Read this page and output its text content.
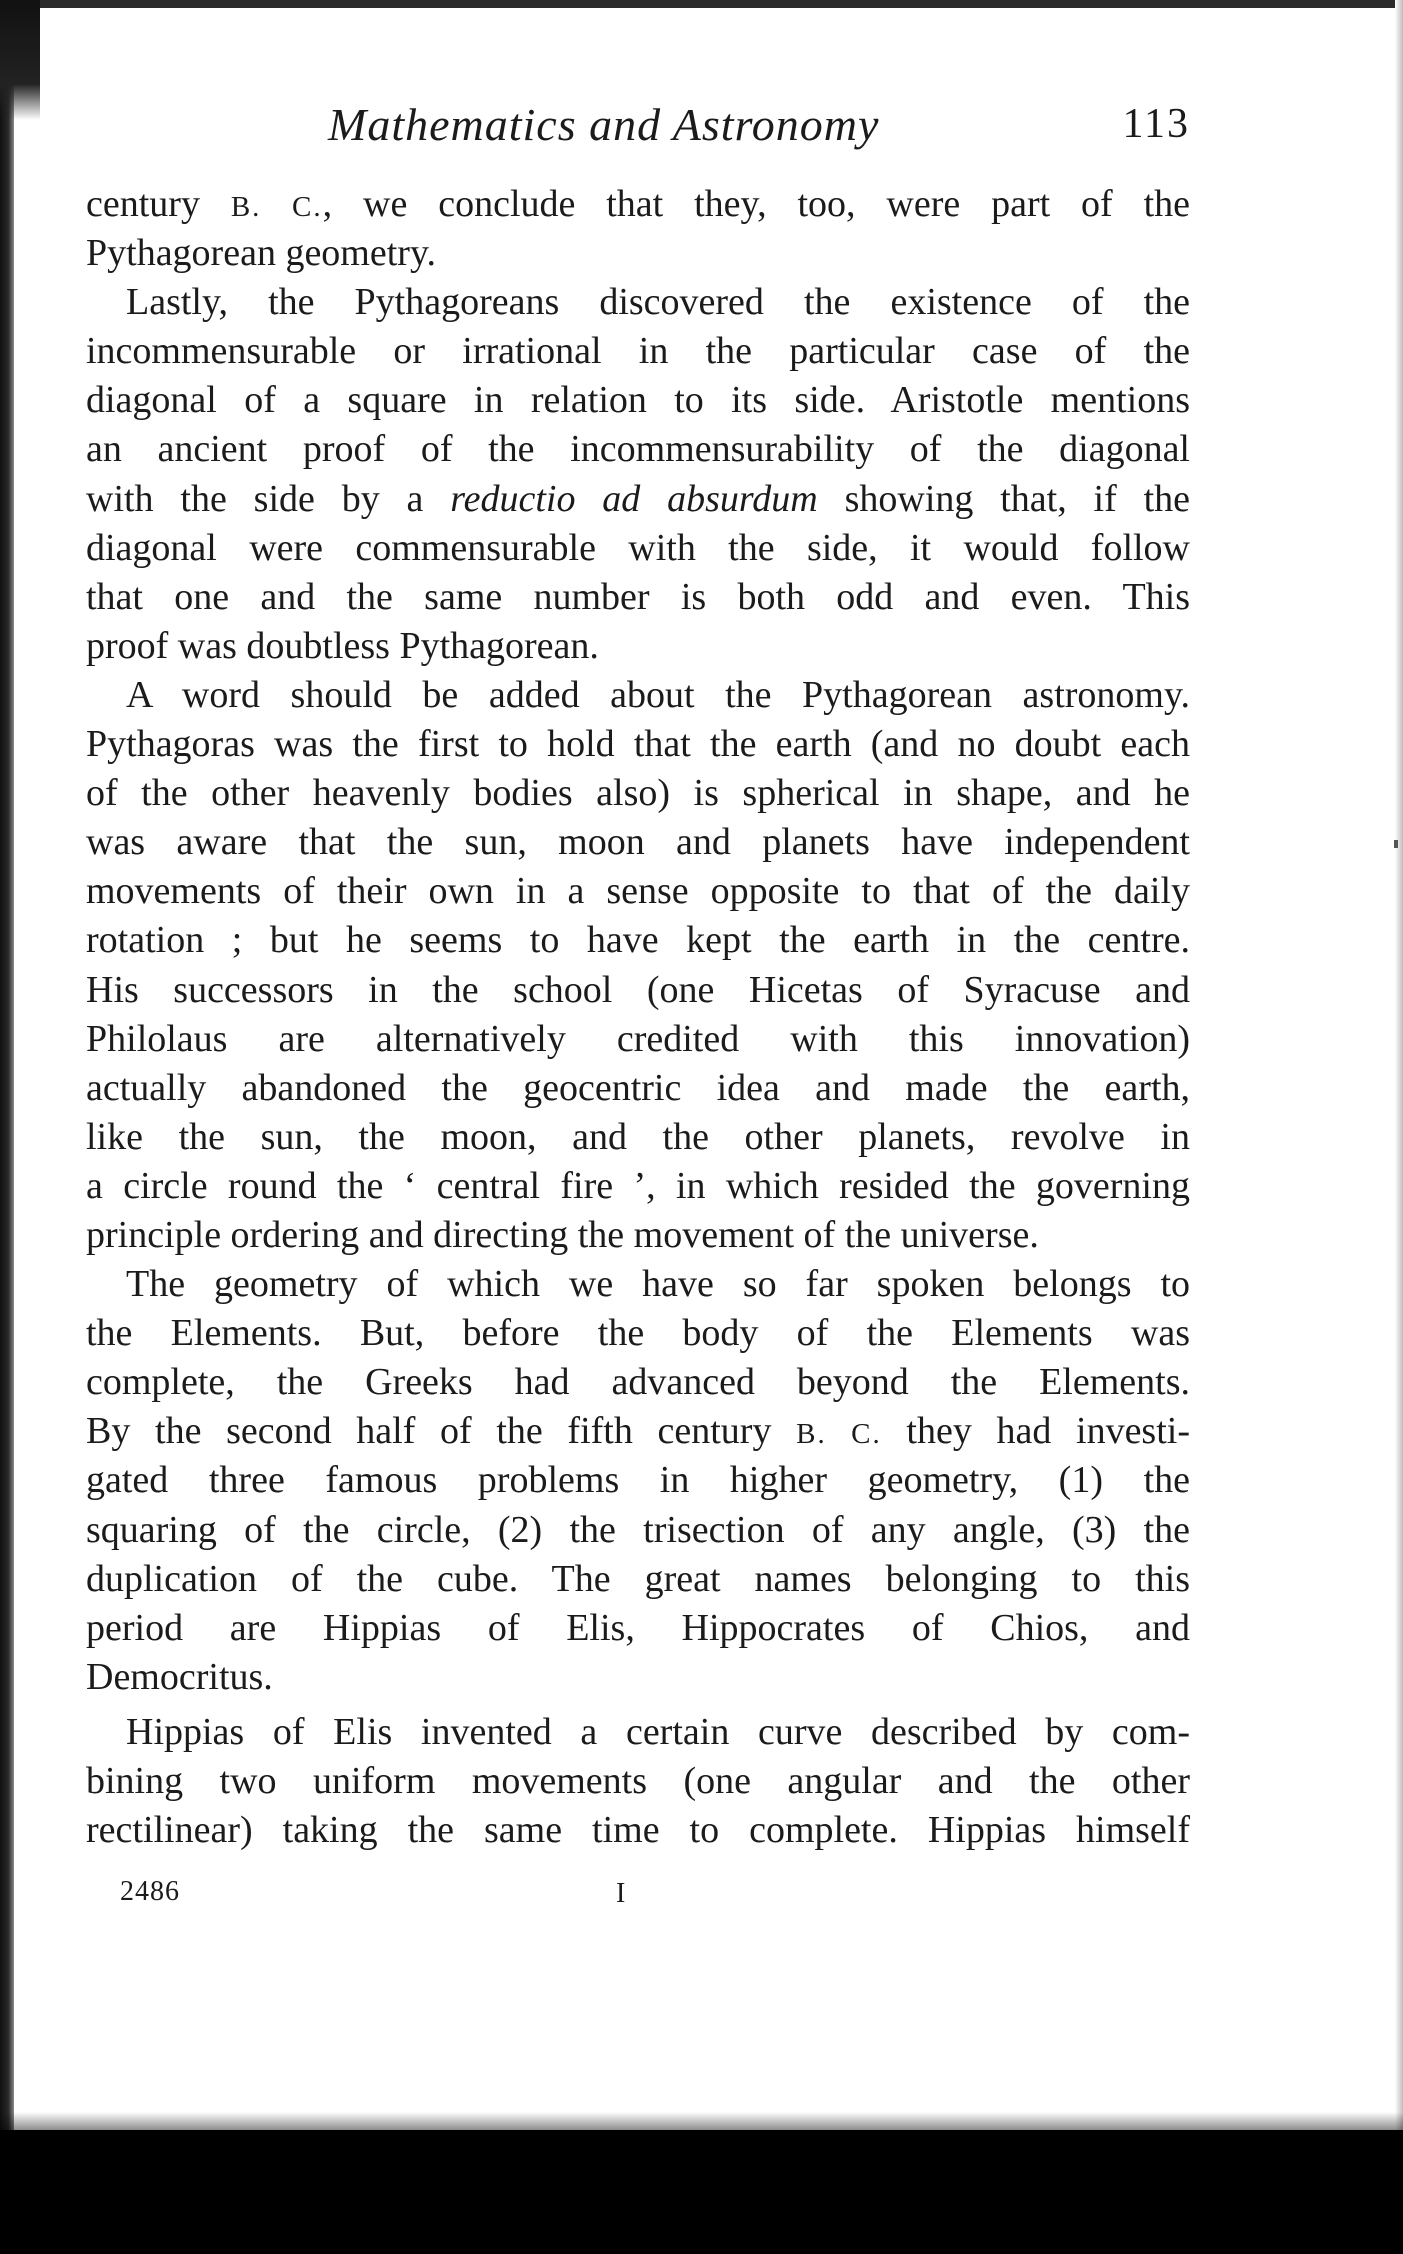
Mathematics and Astronomy	113
century B. C., we conclude that they, too, were part of the
Pythagorean geometry.
Lastly, the Pythagoreans discovered the existence of the
incommensurable or irrational in the particular case of the
diagonal of a square in relation to its side. Aristotle mentions
an ancient proof of the incommensurability of the diagonal
with the side by a reductio ad absurdum showing that, if the
diagonal were commensurable with the side, it would follow
that one and the same number is both odd and even. This
proof was doubtless Pythagorean.
A word should be added about the Pythagorean astronomy.
Pythagoras was the first to hold that the earth (and no doubt each
of the other heavenly bodies also) is spherical in shape, and he
was aware that the sun, moon and planets have independent
movements of their own in a sense opposite to that of the daily
rotation ; but he seems to have kept the earth in the centre.
His successors in the school (one Hicetas of Syracuse and
Philolaus are alternatively credited with this innovation)
actually abandoned the geocentric idea and made the earth,
like the sun, the moon, and the other planets, revolve in
a circle round the ‘ central fire ’, in which resided the governing
principle ordering and directing the movement of the universe.
The geometry of which we have so far spoken belongs to
the Elements. But, before the body of the Elements was
complete, the Greeks had advanced beyond the Elements.
By the second half of the fifth century B. C. they had investi-
gated three famous problems in higher geometry, (1) the
squaring of the circle, (2) the trisection of any angle, (3) the
duplication of the cube. The great names belonging to this
period are Hippias of Elis, Hippocrates of Chios, and
Democritus.
Hippias of Elis invented a certain curve described by com-
bining two uniform movements (one angular and the other
rectilinear) taking the same time to complete. Hippias himself
2486	I
